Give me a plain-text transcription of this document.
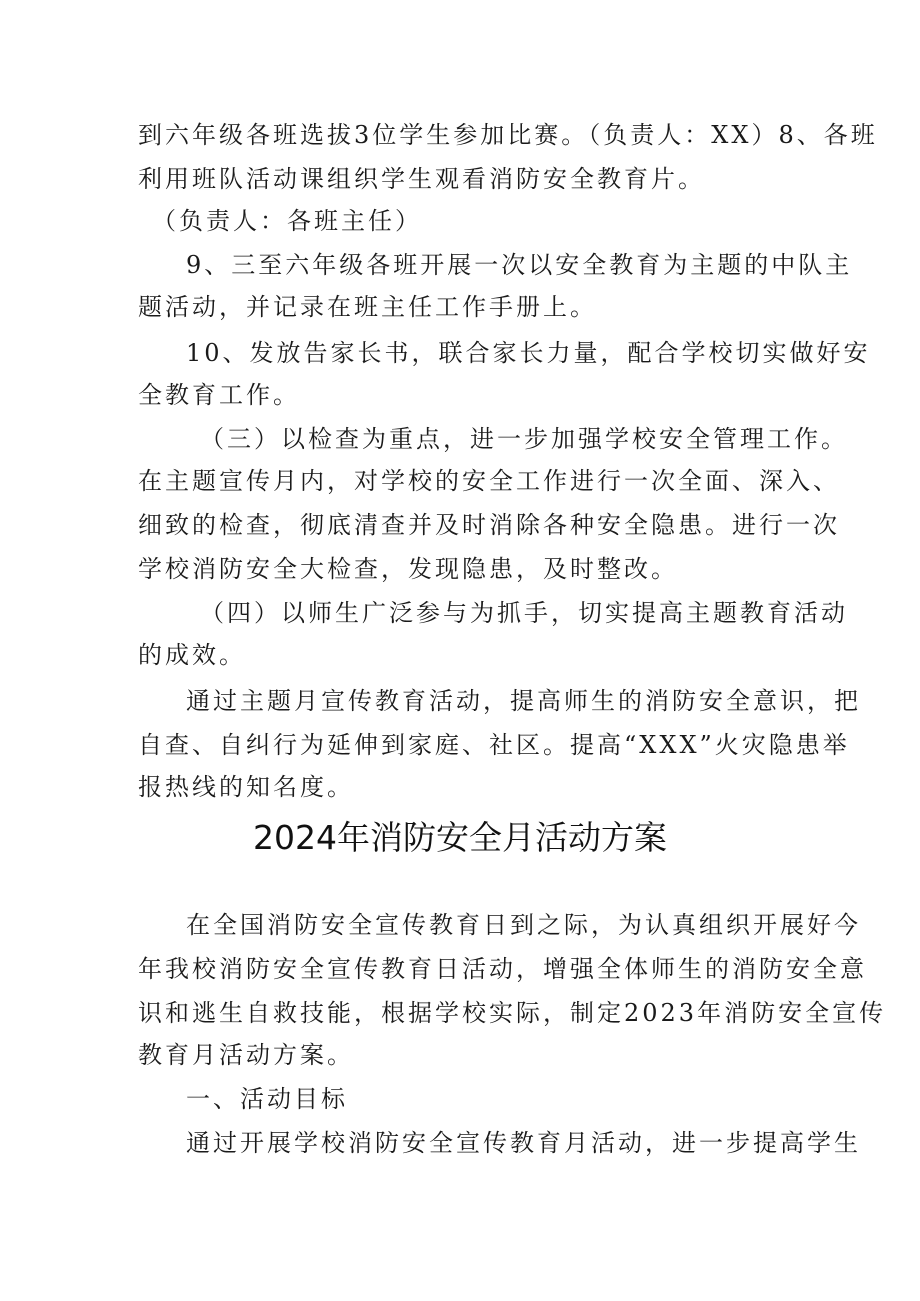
到六年级各班选拔3位学生参加比赛。（负责人：XX）8、各班
利用班队活动课组织学生观看消防安全教育片。
（负责人：各班主任）
9、三至六年级各班开展一次以安全教育为主题的中队主
题活动，并记录在班主任工作手册上。
10、发放告家长书，联合家长力量，配合学校切实做好安
全教育工作。
（三）以检查为重点，进一步加强学校安全管理工作。
在主题宣传月内，对学校的安全工作进行一次全面、深入、
细致的检查，彻底清查并及时消除各种安全隐患。进行一次
学校消防安全大检查，发现隐患，及时整改。
（四）以师生广泛参与为抓手，切实提高主题教育活动
的成效。
通过主题月宣传教育活动，提高师生的消防安全意识，把
自查、自纠行为延伸到家庭、社区。提高“XXX”火灾隐患举
报热线的知名度。
2024年消防安全月活动方案
在全国消防安全宣传教育日到之际，为认真组织开展好今
年我校消防安全宣传教育日活动，增强全体师生的消防安全意
识和逃生自救技能，根据学校实际，制定2023年消防安全宣传
教育月活动方案。
一、活动目标
通过开展学校消防安全宣传教育月活动，进一步提高学生
